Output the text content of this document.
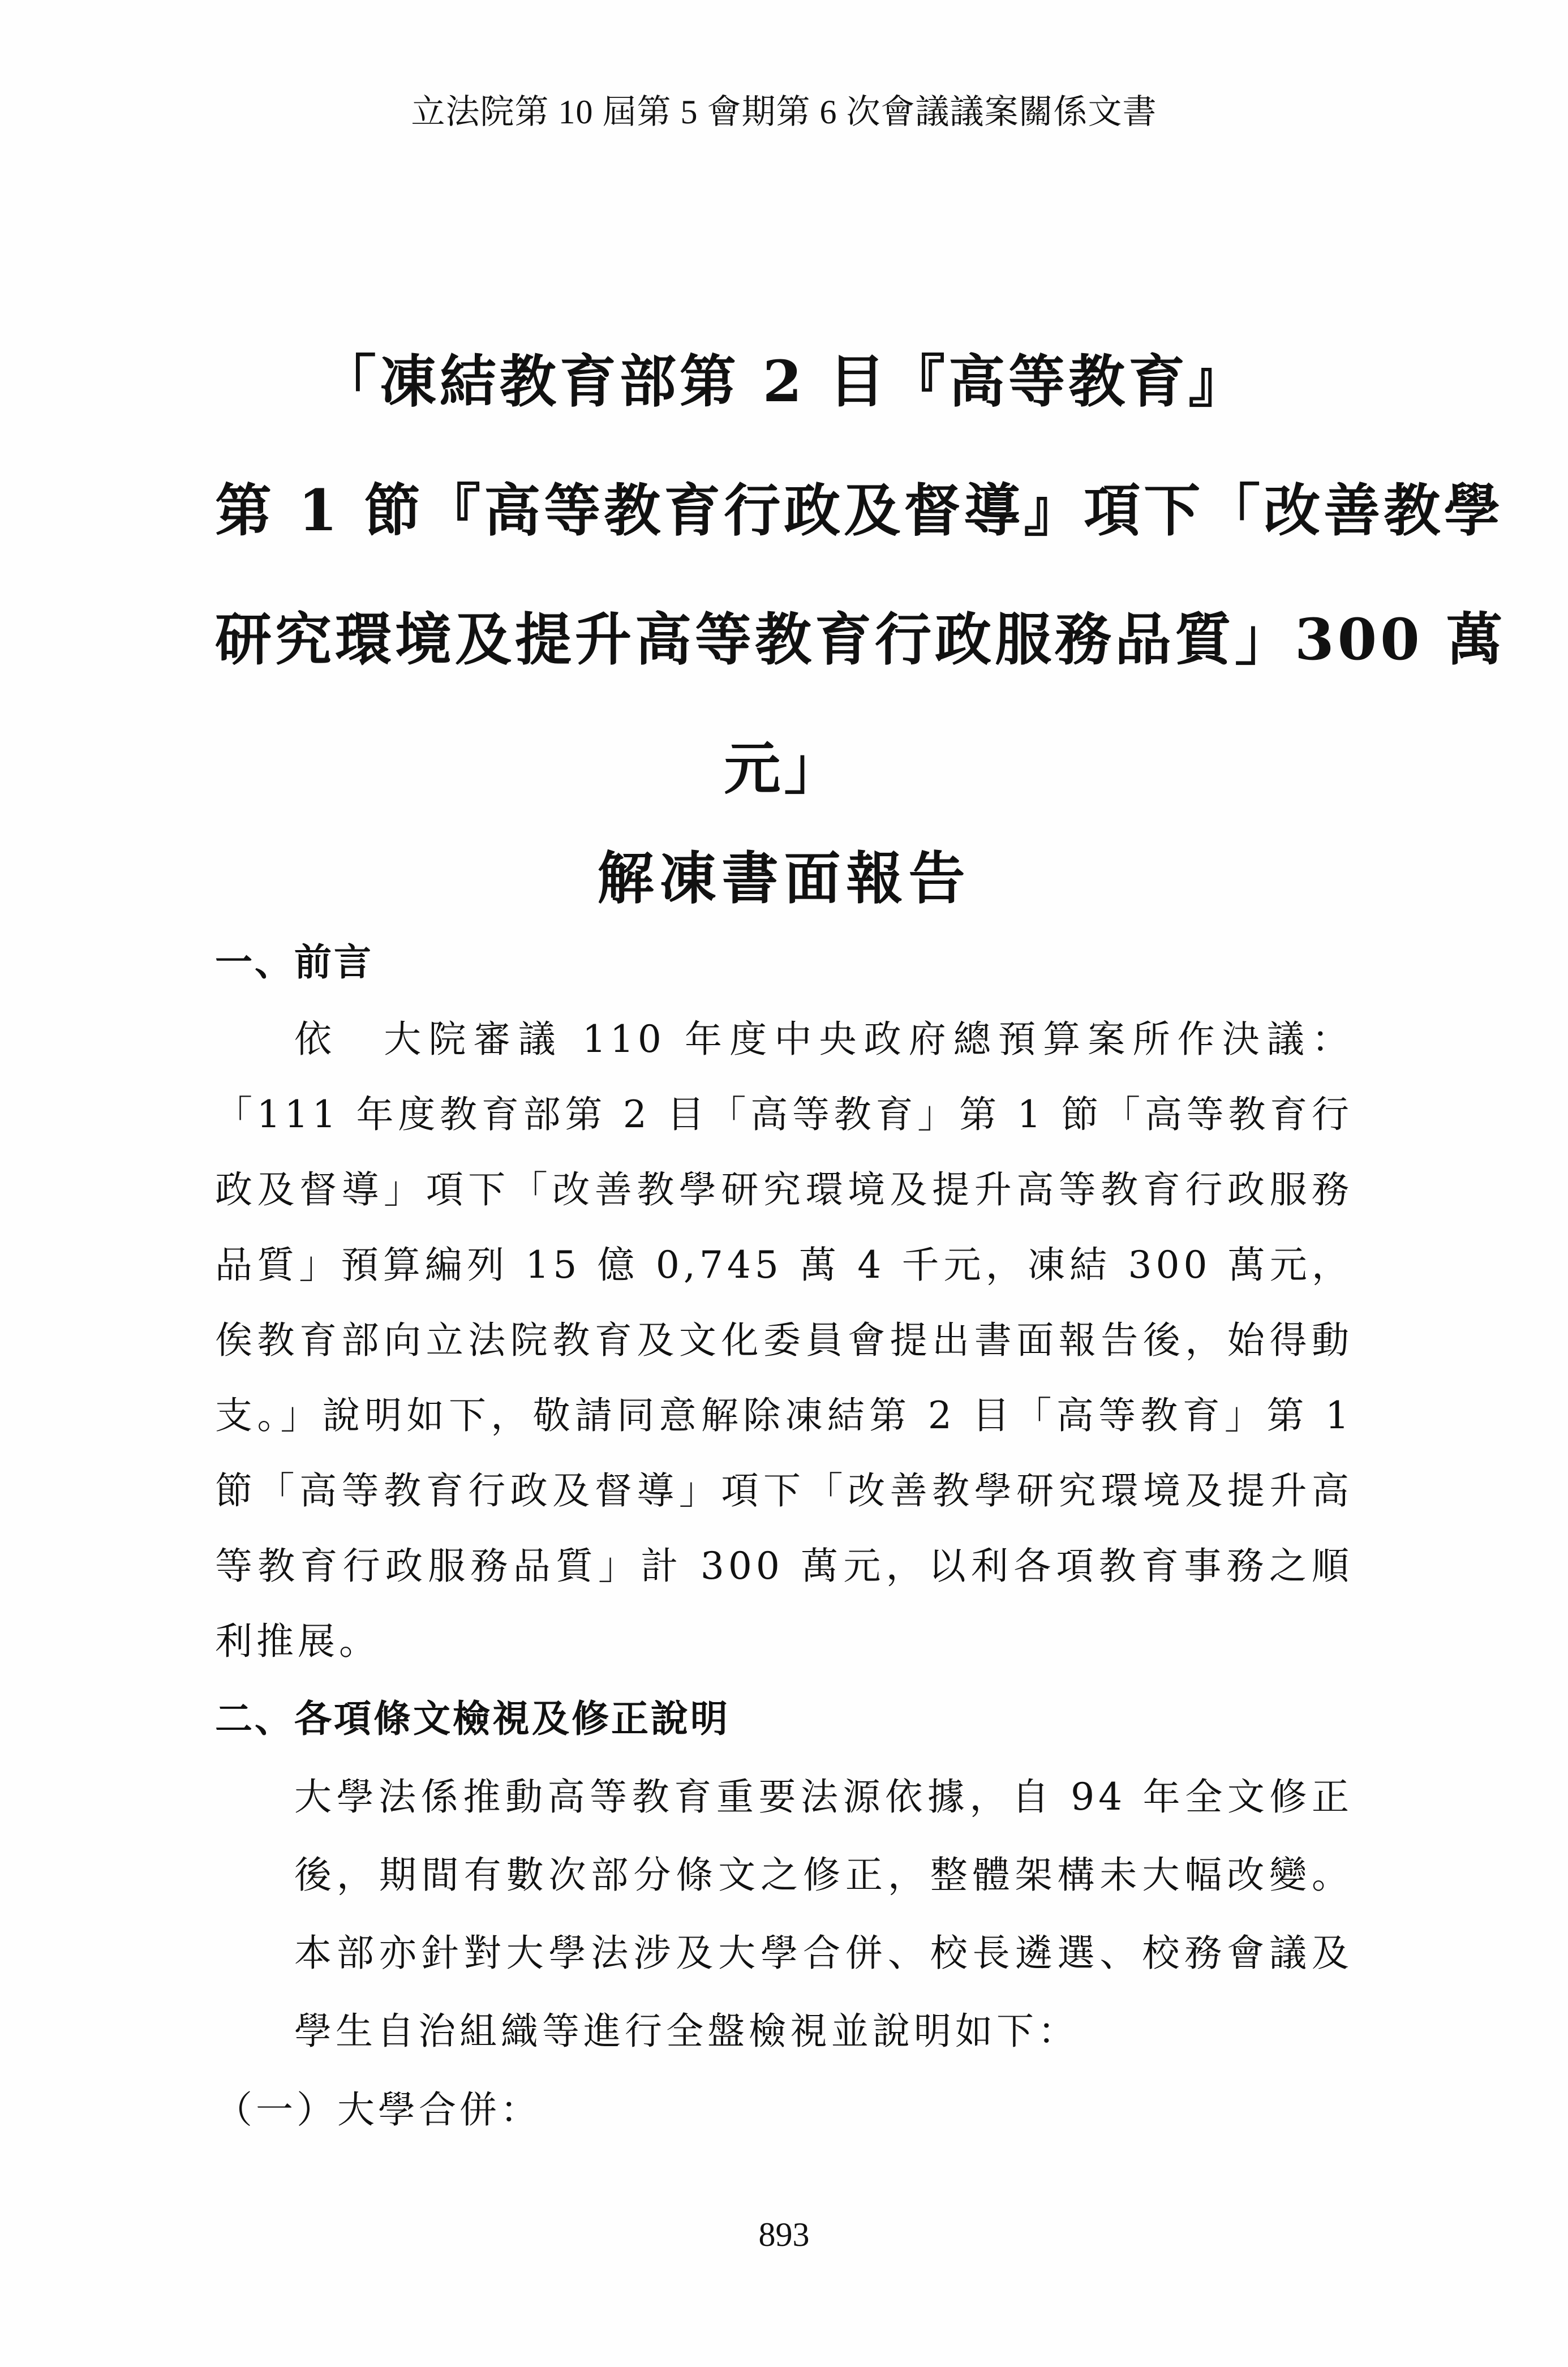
立法院第 10 屆第 5 會期第 6 次會議議案關係文書
「凍結教育部第 2 目『高等教育』
第 1 節『高等教育行政及督導』項下「改善教學
研究環境及提升高等教育行政服務品質」300 萬
元」
解凍書面報告
一、前言

依　大院審議 110 年度中央政府總預算案所作決議：「111 年度教育部第 2 目「高等教育」第 1 節「高等教育行政及督導」項下「改善教學研究環境及提升高等教育行政服務品質」預算編列 15 億 0,745 萬 4 千元，凍結 300 萬元，俟教育部向立法院教育及文化委員會提出書面報告後，始得動支。」說明如下，敬請同意解除凍結第 2 目「高等教育」第 1 節「高等教育行政及督導」項下「改善教學研究環境及提升高等教育行政服務品質」計 300 萬元，以利各項教育事務之順利推展。

二、各項條文檢視及修正說明

大學法係推動高等教育重要法源依據，自 94 年全文修正後，期間有數次部分條文之修正，整體架構未大幅改變。本部亦針對大學法涉及大學合併、校長遴選、校務會議及學生自治組織等進行全盤檢視並說明如下：

（一）大學合併：
893
